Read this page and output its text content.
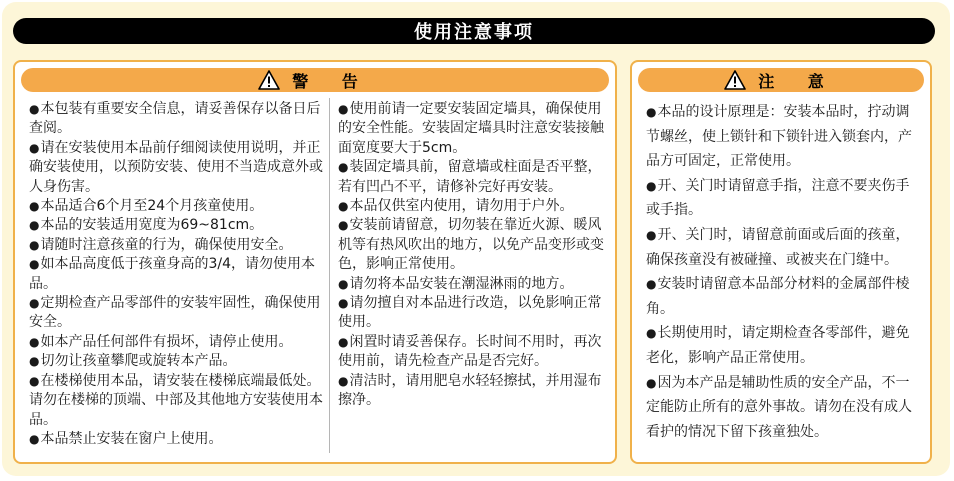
使用注意事项
警 告

● 本包装有重要安全信息，请妥善保存以备日后查阅。

● 请在安装使用本品前仔细阅读使用说明，并正确安装使用，以预防安装、使用不当造成意外或人身伤害。

● 本品适合6个月至24个月孩童使用。

● 本品的安装适用宽度为69~81cm。

● 请随时注意孩童的行为，确保使用安全。

● 如本品高度低于孩童身高的3/4，请勿使用本品。

● 定期检查产品零部件的安装牢固性，确保使用安全。

● 如本产品任何部件有损坏，请停止使用。

● 切勿让孩童攀爬或旋转本产品。

● 在楼梯使用本品，请安装在楼梯底端最低处。请勿在楼梯的顶端、中部及其他地方安装使用本品。

● 本品禁止安装在窗户上使用。

● 使用前请一定要安装固定墙具，确保使用的安全性能。安装固定墙具时注意安装接触面宽度要大于5cm。

● 装固定墙具前，留意墙或柱面是否平整，若有凹凸不平，请修补完好再安装。

● 本品仅供室内使用，请勿用于户外。

● 安装前请留意，切勿装在靠近火源、暖风机等有热风吹出的地方，以免产品变形或变色，影响正常使用。

● 请勿将本品安装在潮湿淋雨的地方。

● 请勿擅自对本品进行改造，以免影响正常使用。

● 闲置时请妥善保存。长时间不用时，再次使用前，请先检查产品是否完好。

● 清洁时，请用肥皂水轻轻擦拭，并用湿布擦净。

注 意

● 本品的设计原理是：安装本品时，拧动调节螺丝，使上锁针和下锁针进入锁套内，产品方可固定，正常使用。

● 开、关门时请留意手指，注意不要夹伤手或手指。

● 开、关门时，请留意前面或后面的孩童，确保孩童没有被碰撞、或被夹在门缝中。

● 安装时请留意本品部分材料的金属部件棱角。

● 长期使用时，请定期检查各零部件，避免老化，影响产品正常使用。

● 因为本产品是辅助性质的安全产品，不一定能防止所有的意外事故。请勿在没有成人看护的情况下留下孩童独处。
